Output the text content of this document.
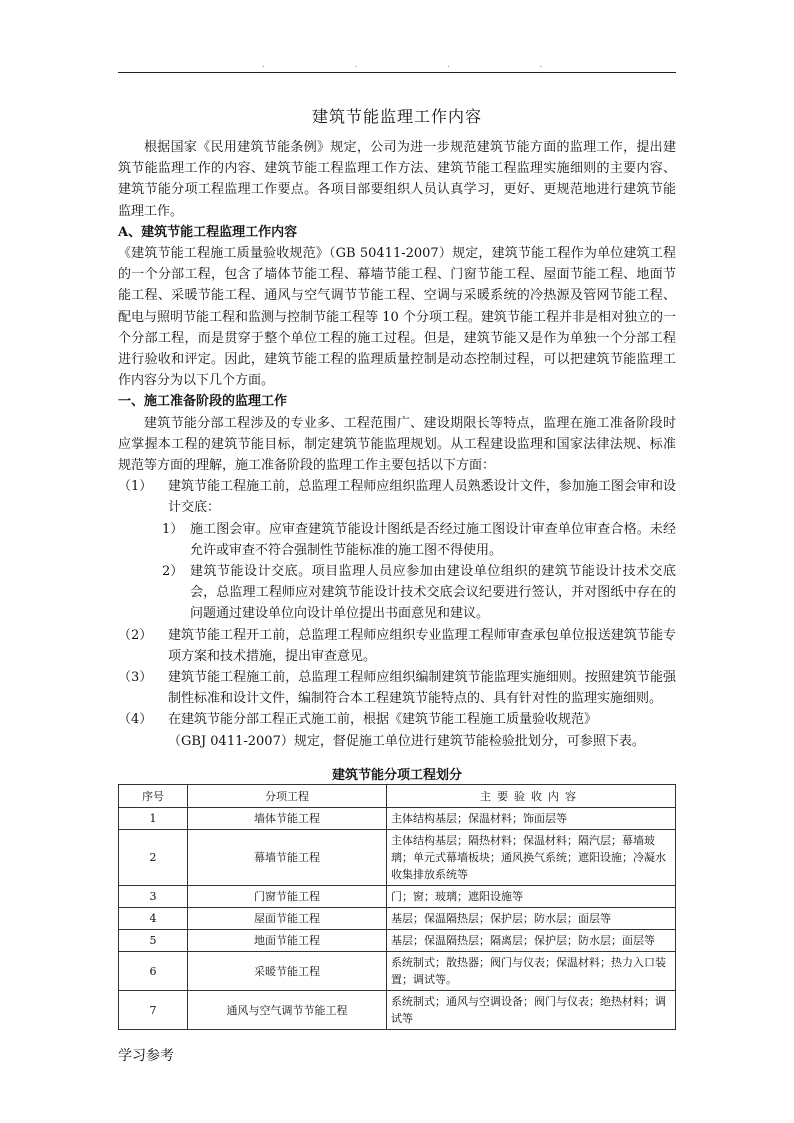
.	.	.	.
建筑节能监理工作内容

根据国家《民用建筑节能条例》规定，公司为进一步规范建筑节能方面的监理工作，提出建筑节能监理工作的内容、建筑节能工程监理工作方法、建筑节能工程监理实施细则的主要内容、建筑节能分项工程监理工作要点。各项目部要组织人员认真学习，更好、更规范地进行建筑节能监理工作。

A、建筑节能工程监理工作内容

《建筑节能工程施工质量验收规范》（GB 50411-2007）规定，建筑节能工程作为单位建筑工程的一个分部工程，包含了墙体节能工程、幕墙节能工程、门窗节能工程、屋面节能工程、地面节能工程、采暖节能工程、通风与空气调节节能工程、空调与采暖系统的冷热源及管网节能工程、配电与照明节能工程和监测与控制节能工程等 10 个分项工程。建筑节能工程并非是相对独立的一个分部工程，而是贯穿于整个单位工程的施工过程。但是，建筑节能又是作为单独一个分部工程进行验收和评定。因此，建筑节能工程的监理质量控制是动态控制过程，可以把建筑节能监理工作内容分为以下几个方面。

一、施工准备阶段的监理工作

建筑节能分部工程涉及的专业多、工程范围广、建设期限长等特点，监理在施工准备阶段时应掌握本工程的建筑节能目标，制定建筑节能监理规划。从工程建设监理和国家法律法规、标准规范等方面的理解，施工准备阶段的监理工作主要包括以下方面：

（1）	建筑节能工程施工前，总监理工程师应组织监理人员熟悉设计文件，参加施工图会审和设计交底：
1） 施工图会审。应审查建筑节能设计图纸是否经过施工图设计审查单位审查合格。未经允许或审查不符合强制性节能标准的施工图不得使用。
2） 建筑节能设计交底。项目监理人员应参加由建设单位组织的建筑节能设计技术交底会，总监理工程师应对建筑节能设计技术交底会议纪要进行签认，并对图纸中存在的问题通过建设单位向设计单位提出书面意见和建议。
（2）	建筑节能工程开工前，总监理工程师应组织专业监理工程师审查承包单位报送建筑节能专项方案和技术措施，提出审查意见。
（3）	建筑节能工程施工前，总监理工程师应组织编制建筑节能监理实施细则。按照建筑节能强制性标准和设计文件，编制符合本工程建筑节能特点的、具有针对性的监理实施细则。
（4）	在建筑节能分部工程正式施工前，根据《建筑节能工程施工质量验收规范》

（GBJ 0411-2007）规定，督促施工单位进行建筑节能检验批划分，可参照下表。

建筑节能分项工程划分
序号	分项工程	主要验收内容
1	墙体节能工程	主体结构基层；保温材料；饰面层等
2	幕墙节能工程	主体结构基层；隔热材料；保温材料；隔汽层；幕墙玻璃；单元式幕墙板块；通风换气系统；遮阳设施；冷凝水收集排放系统等
3	门窗节能工程	门；窗；玻璃；遮阳设施等
4	屋面节能工程	基层；保温隔热层；保护层；防水层；面层等
5	地面节能工程	基层；保温隔热层；隔离层；保护层；防水层；面层等
6	采暖节能工程	系统制式；散热器；阀门与仪表；保温材料；热力入口装置；调试等。
7	通风与空气调节节能工程	系统制式；通风与空调设备；阀门与仪表；绝热材料；调试等
学习参考
